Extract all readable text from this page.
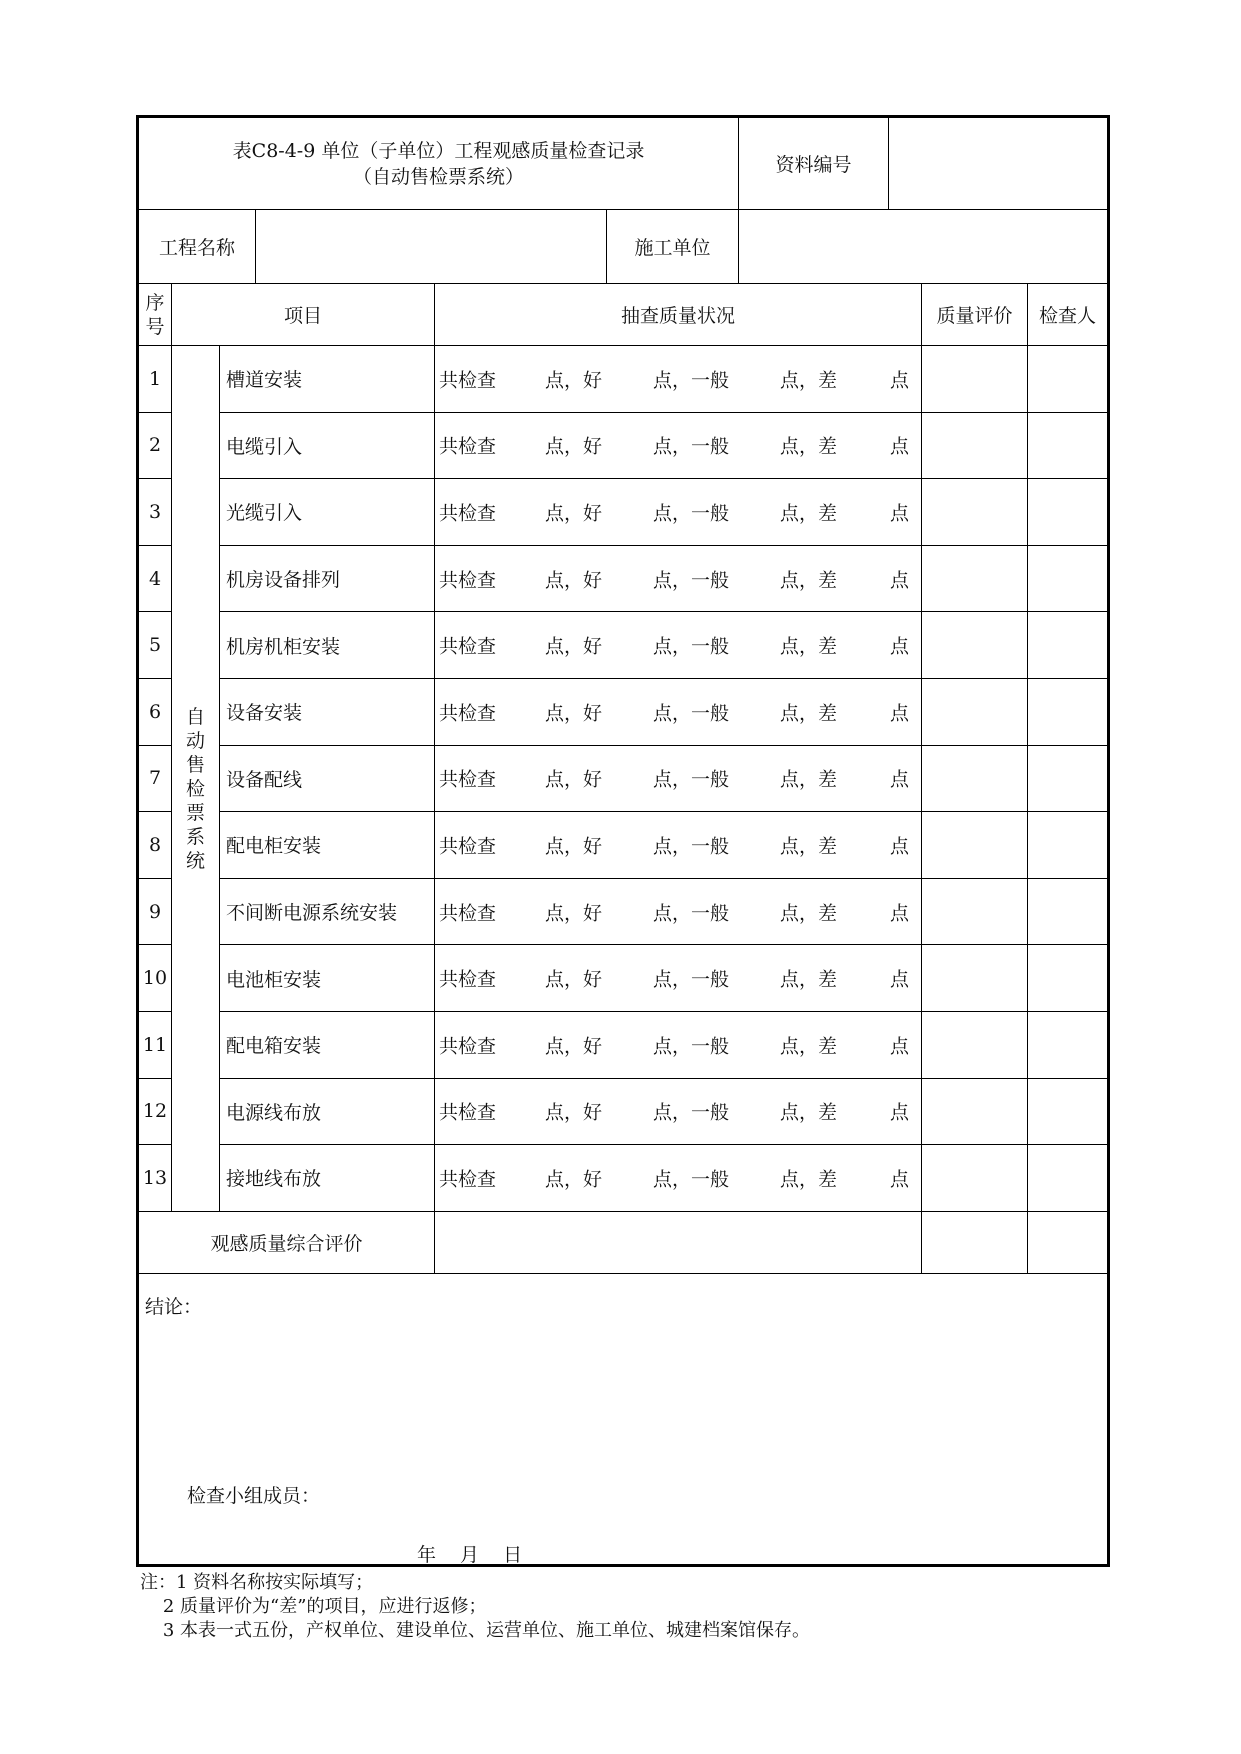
表C8-4-9 单位（子单位）工程观感质量检查记录
（自动售检票系统）
资料编号
工程名称	施工单位
序
号	项目	抽查质量状况	质量评价	检查人
自
动
售
检
票
系
统
1	槽道安装	共检查	点，好	点，一般	点，差	点
2	电缆引入	共检查	点，好	点，一般	点，差	点
3	光缆引入	共检查	点，好	点，一般	点，差	点
4	机房设备排列	共检查	点，好	点，一般	点，差	点
5	机房机柜安装	共检查	点，好	点，一般	点，差	点
6	设备安装	共检查	点，好	点，一般	点，差	点
7	设备配线	共检查	点，好	点，一般	点，差	点
8	配电柜安装	共检查	点，好	点，一般	点，差	点
9	不间断电源系统安装	共检查	点，好	点，一般	点，差	点
10	电池柜安装	共检查	点，好	点，一般	点，差	点
11	配电箱安装	共检查	点，好	点，一般	点，差	点
12	电源线布放	共检查	点，好	点，一般	点，差	点
13	接地线布放	共检查	点，好	点，一般	点，差	点
观感质量综合评价
结论：
检查小组成员：
年 月 日
注：1 资料名称按实际填写；
2 质量评价为“差”的项目，应进行返修；
3 本表一式五份，产权单位、建设单位、运营单位、施工单位、城建档案馆保存。
